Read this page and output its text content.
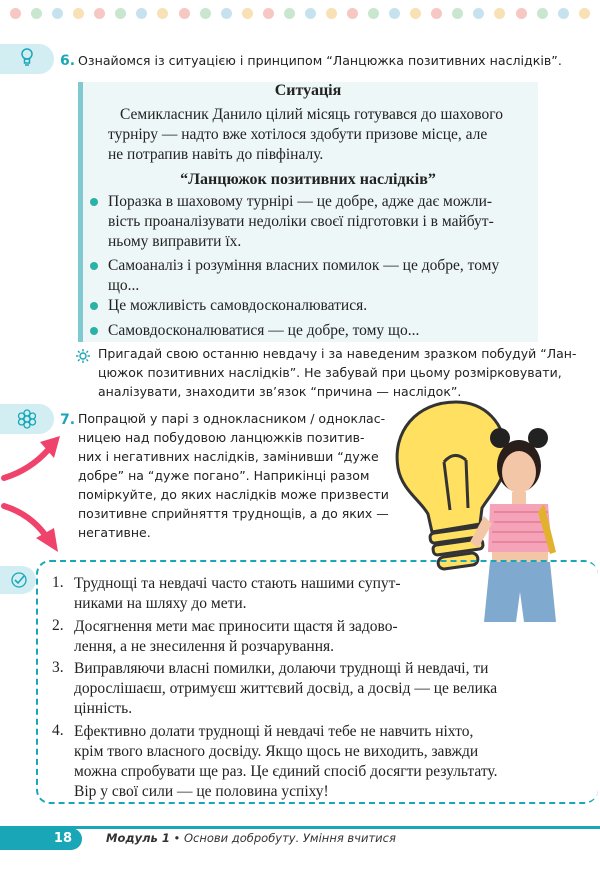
6. Ознайомся із ситуацією і принципом “Ланцюжка позитивних наслідків”.
Ситуація
Семикласник Данило цілий місяць готувався до шахового
турніру — надто вже хотілося здобути призове місце, але
не потрапив навіть до півфіналу.
“Ланцюжок позитивних наслідків”
Поразка в шаховому турнірі — це добре, адже дає можли-
вість проаналізувати недоліки своєї підготовки і в майбут-
ньому виправити їх.
Самоаналіз і розуміння власних помилок — це добре, тому
що...
Це можливість самовдосконалюватися.
Самовдосконалюватися — це добре, тому що...
Пригадай свою останню невдачу і за наведеним зразком побудуй “Лан-
цюжок позитивних наслідків”. Не забувай при цьому розмірковувати,
аналізувати, знаходити зв’язок “причина — наслідок”.
7. Попрацюй у парі з однокласником / одноклас-
ницею над побудовою ланцюжків позитив-
них і негативних наслідків, замінивши “дуже
добре” на “дуже погано”. Наприкінці разом
поміркуйте, до яких наслідків може призвести
позитивне сприйняття труднощів, а до яких —
негативне.
1. Труднощі та невдачі часто стають нашими супут-
никами на шляху до мети.
2. Досягнення мети має приносити щастя й задово-
лення, а не знесилення й розчарування.
3. Виправляючи власні помилки, долаючи труднощі й невдачі, ти
дорослішаєш, отримуєш життєвий досвід, а досвід — це велика
цінність.
4. Ефективно долати труднощі й невдачі тебе не навчить ніхто,
крім твого власного досвіду. Якщо щось не виходить, завжди
можна спробувати ще раз. Це єдиний спосіб досягти результату.
Вір у свої сили — це половина успіху!
18	Модуль 1 • Основи добробуту. Уміння вчитися
